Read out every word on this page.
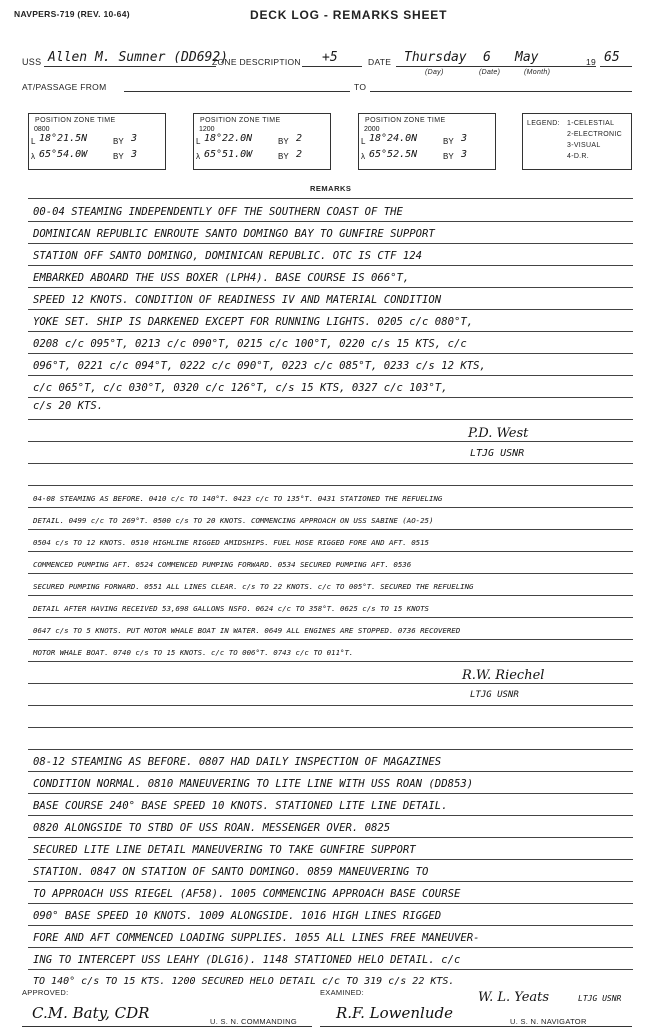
NAVPERS-719 (REV. 10-64)	DECK LOG - REMARKS SHEET
USS Allen M. Sumner (DD692)
ZONE DESCRIPTION +5	DATE Thursday 6 May	19 65
(Day)	(Date)	(Month)
AT/PASSAGE FROM	TO
POSITION ZONE TIME
0800
L 18°21.5N	BY 3
λ 65°54.0W	BY 3
POSITION ZONE TIME
1200
L 18°22.0N	BY 2
λ 65°51.0W	BY 2
POSITION ZONE TIME
2000
L 18°24.0N	BY 3
λ 65°52.5N	BY 3
LEGEND: 1-CELESTIAL
2-ELECTRONIC
3-VISUAL
4-D.R.
REMARKS
00-04 STEAMING INDEPENDENTLY OFF THE SOUTHERN COAST OF THE
DOMINICAN REPUBLIC ENROUTE SANTO DOMINGO BAY TO GUNFIRE SUPPORT
STATION OFF SANTO DOMINGO, DOMINICAN REPUBLIC. OTC IS CTF 124
EMBARKED ABOARD THE USS BOXER (LPH4). BASE COURSE IS 066°T,
SPEED 12 KNOTS. CONDITION OF READINESS IV AND MATERIAL CONDITION
YOKE SET. SHIP IS DARKENED EXCEPT FOR RUNNING LIGHTS. 0205 c/c 080°T,
0208 c/c 095°T, 0213 c/c 090°T, 0215 c/c 100°T, 0220 c/s 15 KTS, c/c
096°T, 0221 c/c 094°T, 0222 c/c 090°T, 0223 c/c 085°T, 0233 c/s 12 KTS,
c/c 065°T, c/c 030°T, 0320 c/c 126°T, c/s 15 KTS, 0327 c/c 103°T,
c/s 20 KTS.
P.D. West
LTJG USNR
04-08 STEAMING AS BEFORE. 0410 c/c TO 140°T. 0423 c/c TO 135°T. 0431 STATIONED THE REFUELING
DETAIL. 0499 c/c TO 269°T. 0500 c/s TO 20 KNOTS. COMMENCING APPROACH ON USS SABINE (AO-25)
0504 c/s TO 12 KNOTS. 0510 HIGHLINE RIGGED AMIDSHIPS. FUEL HOSE RIGGED FORE AND AFT. 0515
COMMENCED PUMPING AFT. 0524 COMMENCED PUMPING FORWARD. 0534 SECURED PUMPING AFT. 0536
SECURED PUMPING FORWARD. 0551 ALL LINES CLEAR. c/s TO 22 KNOTS. c/c TO 005°T. SECURED THE REFUELING
DETAIL AFTER HAVING RECEIVED 53,698 GALLONS NSFO. 0624 c/c TO 358°T. 0625 c/s TO 15 KNOTS
0647 c/s TO 5 KNOTS. PUT MOTOR WHALE BOAT IN WATER. 0649 ALL ENGINES ARE STOPPED. 0736 RECOVERED
MOTOR WHALE BOAT. 0740 c/s TO 15 KNOTS. c/c TO 006°T. 0743 c/c TO 011°T.
R.W. Riechel
LTJG USNR
08-12 STEAMING AS BEFORE. 0807 HAD DAILY INSPECTION OF MAGAZINES
CONDITION NORMAL. 0810 MANEUVERING TO LITE LINE WITH USS ROAN (DD853)
BASE COURSE 240° BASE SPEED 10 KNOTS. STATIONED LITE LINE DETAIL.
0820 ALONGSIDE TO STBD OF USS ROAN. MESSENGER OVER. 0825
SECURED LITE LINE DETAIL MANEUVERING TO TAKE GUNFIRE SUPPORT
STATION. 0847 ON STATION OF SANTO DOMINGO. 0859 MANEUVERING TO
TO APPROACH USS RIEGEL (AF58). 1005 COMMENCING APPROACH BASE COURSE
090° BASE SPEED 10 KNOTS. 1009 ALONGSIDE. 1016 HIGH LINES RIGGED
FORE AND AFT COMMENCED LOADING SUPPLIES. 1055 ALL LINES FREE MANEUVER-
ING TO INTERCEPT USS LEAHY (DLG16). 1148 STATIONED HELO DETAIL. c/c
TO 140° c/s TO 15 KTS. 1200 SECURED HELO DETAIL c/c TO 319 c/s 22 KTS.
W. L. Yeats	LTJG USNR
APPROVED:	EXAMINED:
C.M. Baty, CDR	R.F. Lowenlude
U. S. N. COMMANDING	U. S. N. NAVIGATOR
